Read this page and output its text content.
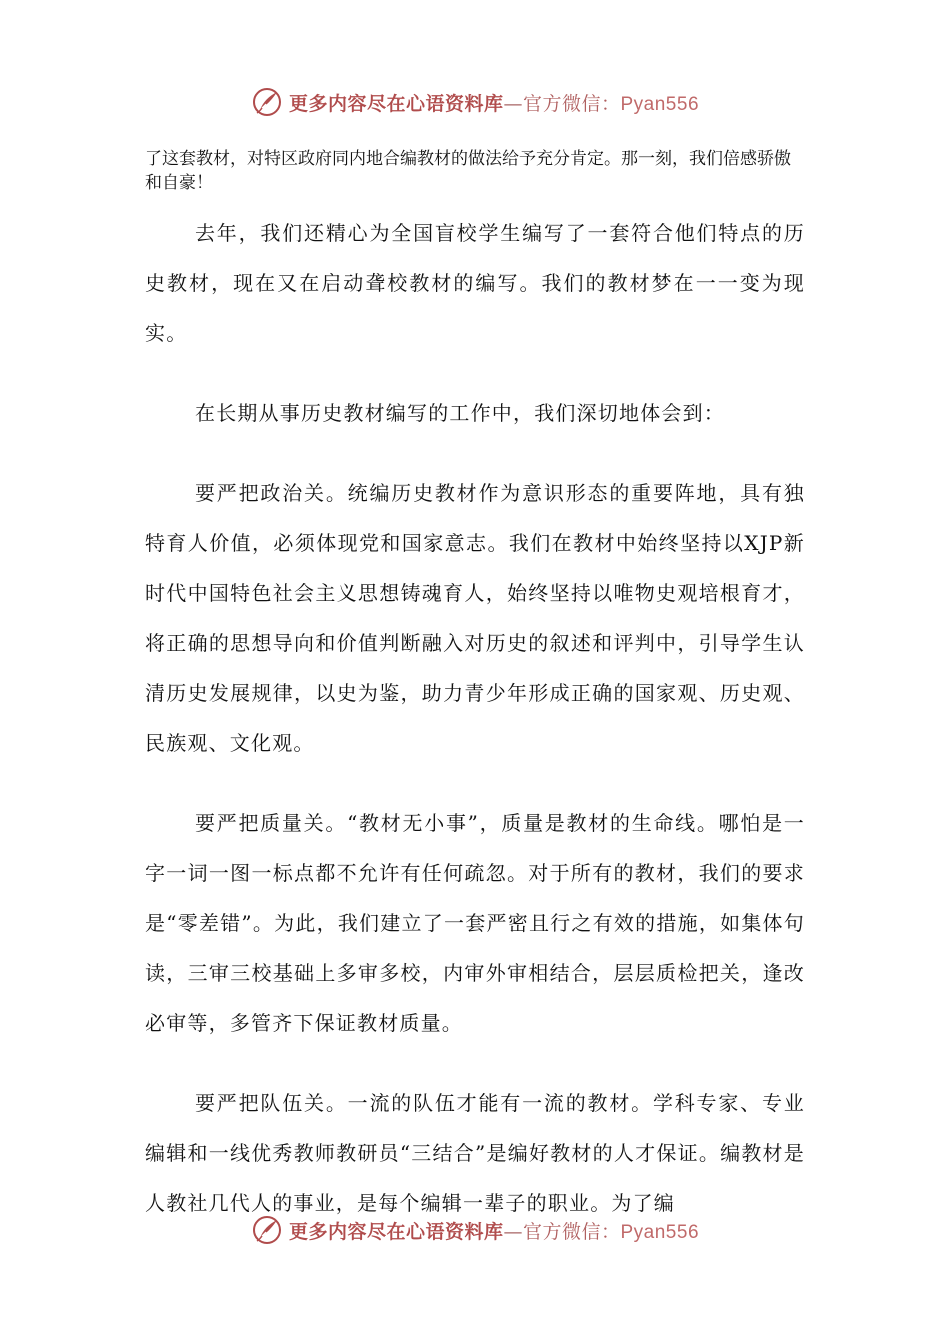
更多内容尽在心语资料库—官方微信：Pyan556

了这套教材，对特区政府同内地合编教材的做法给予充分肯定。那一刻，我们倍感骄傲和自豪！

去年，我们还精心为全国盲校学生编写了一套符合他们特点的历史教材，现在又在启动聋校教材的编写。我们的教材梦在一一变为现实。

在长期从事历史教材编写的工作中，我们深切地体会到：

要严把政治关。统编历史教材作为意识形态的重要阵地，具有独特育人价值，必须体现党和国家意志。我们在教材中始终坚持以XJP新时代中国特色社会主义思想铸魂育人，始终坚持以唯物史观培根育才，将正确的思想导向和价值判断融入对历史的叙述和评判中，引导学生认清历史发展规律，以史为鉴，助力青少年形成正确的国家观、历史观、民族观、文化观。

要严把质量关。“教材无小事”，质量是教材的生命线。哪怕是一字一词一图一标点都不允许有任何疏忽。对于所有的教材，我们的要求是“零差错”。为此，我们建立了一套严密且行之有效的措施，如集体句读，三审三校基础上多审多校，内审外审相结合，层层质检把关，逢改必审等，多管齐下保证教材质量。

要严把队伍关。一流的队伍才能有一流的教材。学科专家、专业编辑和一线优秀教师教研员“三结合”是编好教材的人才保证。编教材是人教社几代人的事业，是每个编辑一辈子的职业。为了编

更多内容尽在心语资料库—官方微信：Pyan556
